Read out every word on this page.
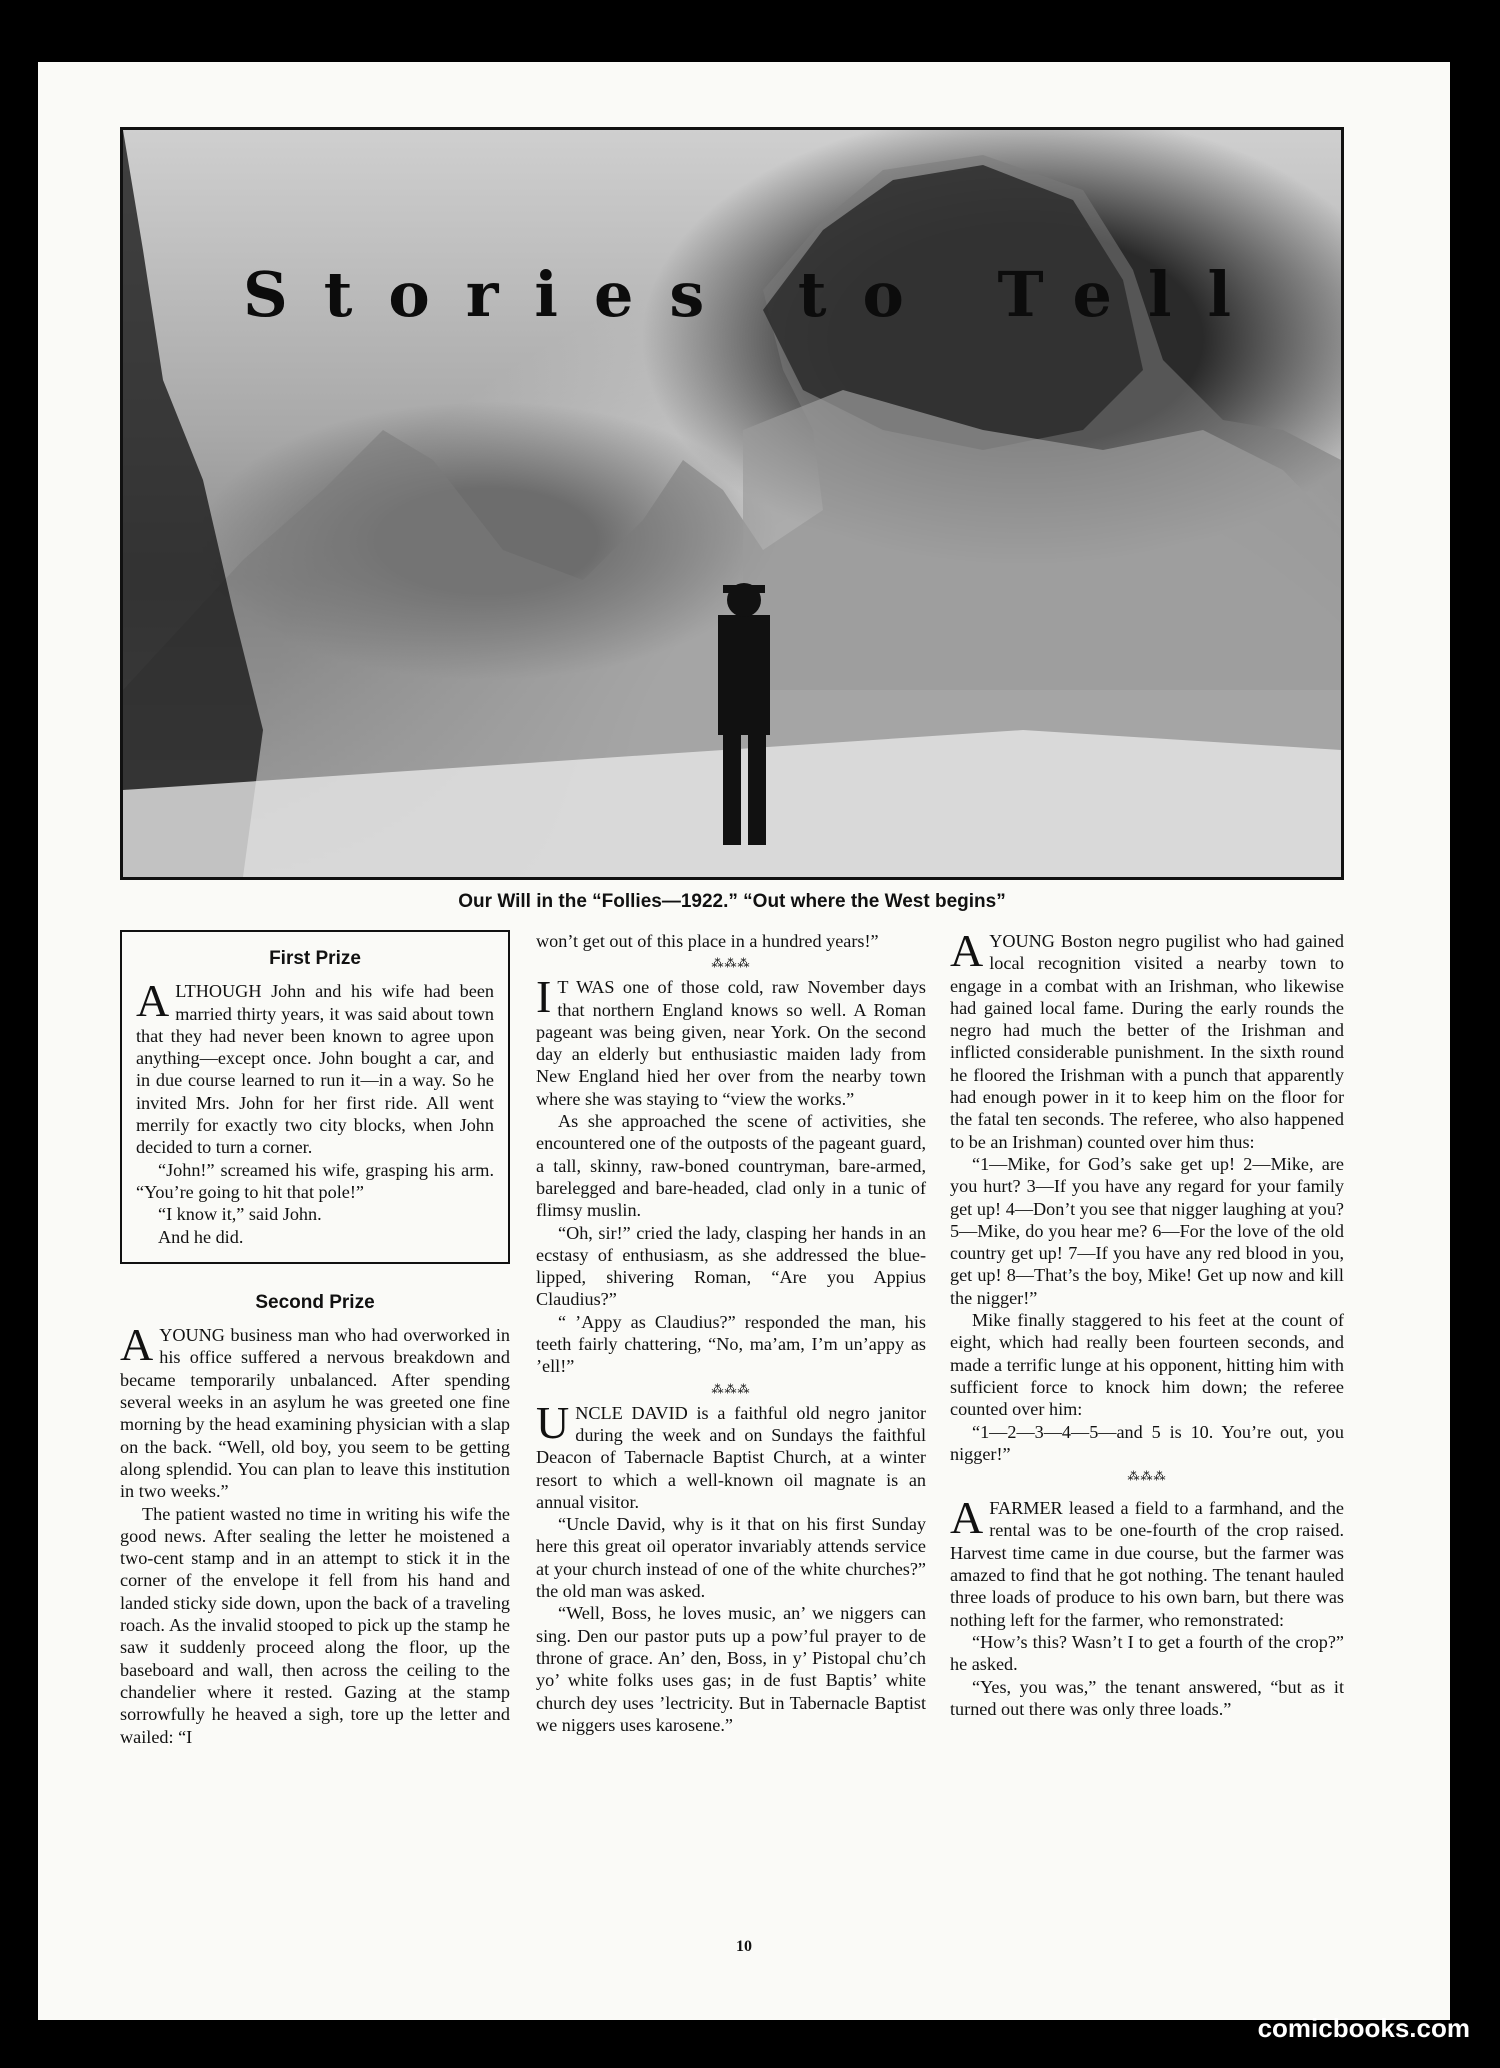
Stories to Tell
Our Will in the “Follies—1922.” “Out where the West begins”
First Prize

ALTHOUGH John and his wife had been married thirty years, it was said about town that they had never been known to agree upon anything—except once. John bought a car, and in due course learned to run it—in a way. So he invited Mrs. John for her first ride. All went merrily for exactly two city blocks, when John decided to turn a corner.

“John!” screamed his wife, grasping his arm. “You’re going to hit that pole!”

“I know it,” said John.

And he did.

Second Prize

AYOUNG business man who had overworked in his office suffered a nervous breakdown and became temporarily unbalanced. After spending several weeks in an asylum he was greeted one fine morning by the head examining physician with a slap on the back. “Well, old boy, you seem to be getting along splendid. You can plan to leave this institution in two weeks.”

The patient wasted no time in writing his wife the good news. After sealing the letter he moistened a two-cent stamp and in an attempt to stick it in the corner of the envelope it fell from his hand and landed sticky side down, upon the back of a traveling roach. As the invalid stooped to pick up the stamp he saw it suddenly proceed along the floor, up the baseboard and wall, then across the ceiling to the chandelier where it rested. Gazing at the stamp sorrowfully he heaved a sigh, tore up the letter and wailed: “I

won’t get out of this place in a hundred years!”

⁂⁂⁂

I T WAS one of those cold, raw November days that northern England knows so well. A Roman pageant was being given, near York. On the second day an elderly but enthusiastic maiden lady from New England hied her over from the nearby town where she was staying to “view the works.”

As she approached the scene of activities, she encountered one of the outposts of the pageant guard, a tall, skinny, raw-boned countryman, bare-armed, barelegged and bare-headed, clad only in a tunic of flimsy muslin.

“Oh, sir!” cried the lady, clasping her hands in an ecstasy of enthusiasm, as she addressed the blue-lipped, shivering Roman, “Are you Appius Claudius?”

“ ’Appy as Claudius?” responded the man, his teeth fairly chattering, “No, ma’am, I’m un’appy as ’ell!”

⁂⁂⁂

UNCLE DAVID is a faithful old negro janitor during the week and on Sundays the faithful Deacon of Tabernacle Baptist Church, at a winter resort to which a well-known oil magnate is an annual visitor.

“Uncle David, why is it that on his first Sunday here this great oil operator invariably attends service at your church instead of one of the white churches?” the old man was asked.

“Well, Boss, he loves music, an’ we niggers can sing. Den our pastor puts up a pow’ful prayer to de throne of grace. An’ den, Boss, in y’ Pistopal chu’ch yo’ white folks uses gas; in de fust Baptis’ white church dey uses ’lectricity. But in Tabernacle Baptist we niggers uses karosene.”

AYOUNG Boston negro pugilist who had gained local recognition visited a nearby town to engage in a combat with an Irishman, who likewise had gained local fame. During the early rounds the negro had much the better of the Irishman and inflicted considerable punishment. In the sixth round he floored the Irishman with a punch that apparently had enough power in it to keep him on the floor for the fatal ten seconds. The referee, who also happened to be an Irishman) counted over him thus:

“1—Mike, for God’s sake get up! 2—Mike, are you hurt? 3—If you have any regard for your family get up! 4—Don’t you see that nigger laughing at you? 5—Mike, do you hear me? 6—For the love of the old country get up! 7—If you have any red blood in you, get up! 8—That’s the boy, Mike! Get up now and kill the nigger!”

Mike finally staggered to his feet at the count of eight, which had really been fourteen seconds, and made a terrific lunge at his opponent, hitting him with sufficient force to knock him down; the referee counted over him:

“1—2—3—4—5—and 5 is 10. You’re out, you nigger!”

⁂⁂⁂

AFARMER leased a field to a farmhand, and the rental was to be one-fourth of the crop raised. Harvest time came in due course, but the farmer was amazed to find that he got nothing. The tenant hauled three loads of produce to his own barn, but there was nothing left for the farmer, who remonstrated:

“How’s this? Wasn’t I to get a fourth of the crop?” he asked.

“Yes, you was,” the tenant answered, “but as it turned out there was only three loads.”

10
comicbooks.com
